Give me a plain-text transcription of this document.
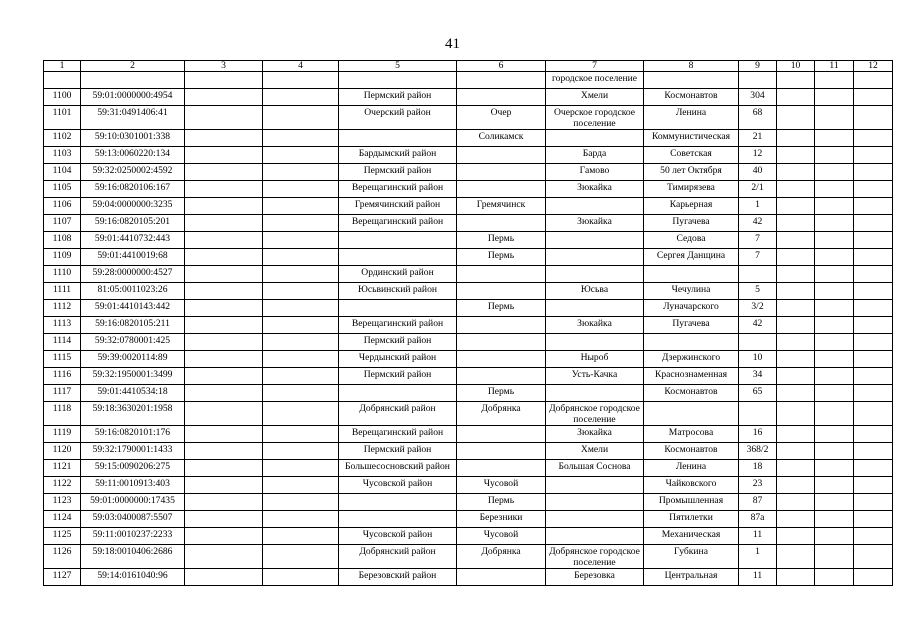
41
1	2	3	4	5	6	7	8	9	10	11	12
						городское поселение					
1100	59:01:0000000:4954			Пермский район		Хмели	Космонавтов	304			
1101	59:31:0491406:41			Очерский район	Очер	Очерское городское поселение	Ленина	68			
1102	59:10:0301001:338				Соликамск		Коммунистическая	21			
1103	59:13:0060220:134			Бардымский район		Барда	Советская	12			
1104	59:32:0250002:4592			Пермский район		Гамово	50 лет Октября	40			
1105	59:16:0820106:167			Верещагинский район		Зюкайка	Тимирязева	2/1			
1106	59:04:0000000:3235			Гремячинский район	Гремячинск		Карьерная	1			
1107	59:16:0820105:201			Верещагинский район		Зюкайка	Пугачева	42			
1108	59:01:4410732:443				Пермь		Седова	7			
1109	59:01:4410019:68				Пермь		Сергея Данщина	7			
1110	59:28:0000000:4527			Ординский район							
1111	81:05:0011023:26			Юсьвинский район		Юсьва	Чечулина	5			
1112	59:01:4410143:442				Пермь		Луначарского	3/2			
1113	59:16:0820105:211			Верещагинский район		Зюкайка	Пугачева	42			
1114	59:32:0780001:425			Пермский район							
1115	59:39:0020114:89			Чердынский район		Ныроб	Дзержинского	10			
1116	59:32:1950001:3499			Пермский район		Усть-Качка	Краснознаменная	34			
1117	59:01:4410534:18				Пермь		Космонавтов	65			
1118	59:18:3630201:1958			Добрянский район	Добрянка	Добрянское городское поселение					
1119	59:16:0820101:176			Верещагинский район		Зюкайка	Матросова	16			
1120	59:32:1790001:1433			Пермский район		Хмели	Космонавтов	368/2			
1121	59:15:0090206:275			Большесосновский район		Большая Соснова	Ленина	18			
1122	59:11:0010913:403			Чусовской район	Чусовой		Чайковского	23			
1123	59:01:0000000:17435				Пермь		Промышленная	87			
1124	59:03:0400087:5507				Березники		Пятилетки	87а			
1125	59:11:0010237:2233			Чусовской район	Чусовой		Механическая	11			
1126	59:18:0010406:2686			Добрянский район	Добрянка	Добрянское городское поселение	Губкина	1			
1127	59:14:0161040:96			Березовский район		Березовка	Центральная	11			
